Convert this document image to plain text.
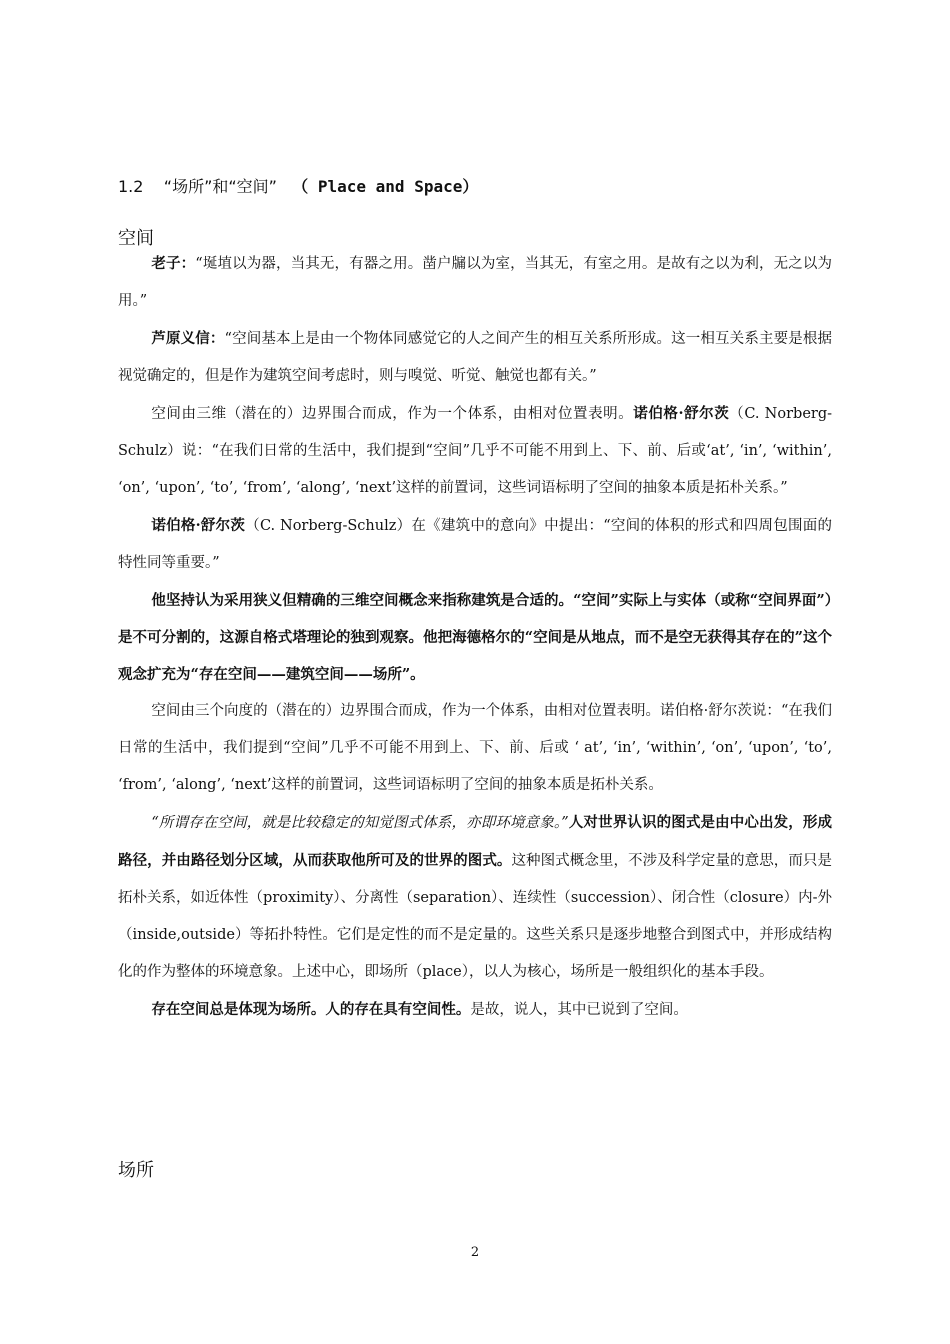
1.2 “场所”和“空间” （ Place and Space）
空间

老子：“埏埴以为器，当其无，有器之用。凿户牖以为室，当其无，有室之用。是故有之以为利，无之以为用。”

芦原义信：“空间基本上是由一个物体同感觉它的人之间产生的相互关系所形成。这一相互关系主要是根据视觉确定的，但是作为建筑空间考虑时，则与嗅觉、听觉、触觉也都有关。”

空间由三维（潜在的）边界围合而成，作为一个体系，由相对位置表明。诺伯格·舒尔茨（C. Norberg-Schulz）说：“在我们日常的生活中，我们提到“空间”几乎不可能不用到上、下、前、后或‘at’, ‘in’, ‘within’, ‘on’, ‘upon’, ‘to’, ‘from’, ‘along’, ‘next’这样的前置词，这些词语标明了空间的抽象本质是拓朴关系。”

诺伯格·舒尔茨（C. Norberg-Schulz）在《建筑中的意向》中提出：“空间的体积的形式和四周包围面的特性同等重要。”

他坚持认为采用狭义但精确的三维空间概念来指称建筑是合适的。“空间”实际上与实体（或称“空间界面”）是不可分割的，这源自格式塔理论的独到观察。他把海德格尔的“空间是从地点，而不是空无获得其存在的”这个观念扩充为“存在空间——建筑空间——场所”。

空间由三个向度的（潜在的）边界围合而成，作为一个体系，由相对位置表明。诺伯格·舒尔茨说：“在我们日常的生活中，我们提到“空间”几乎不可能不用到上、下、前、后或 ‘ at’, ‘in’, ‘within’, ‘on’, ‘upon’, ‘to’, ‘from’, ‘along’, ‘next’这样的前置词，这些词语标明了空间的抽象本质是拓朴关系。

“所谓存在空间，就是比较稳定的知觉图式体系，亦即环境意象。”人对世界认识的图式是由中心出发，形成路径，并由路径划分区域，从而获取他所可及的世界的图式。这种图式概念里，不涉及科学定量的意思，而只是拓朴关系，如近体性（proximity）、分离性（separation）、连续性（succession）、闭合性（closure）内-外（inside,outside）等拓扑特性。它们是定性的而不是定量的。这些关系只是逐步地整合到图式中，并形成结构化的作为整体的环境意象。上述中心，即场所（place），以人为核心，场所是一般组织化的基本手段。

存在空间总是体现为场所。人的存在具有空间性。是故，说人，其中已说到了空间。

场所
2
